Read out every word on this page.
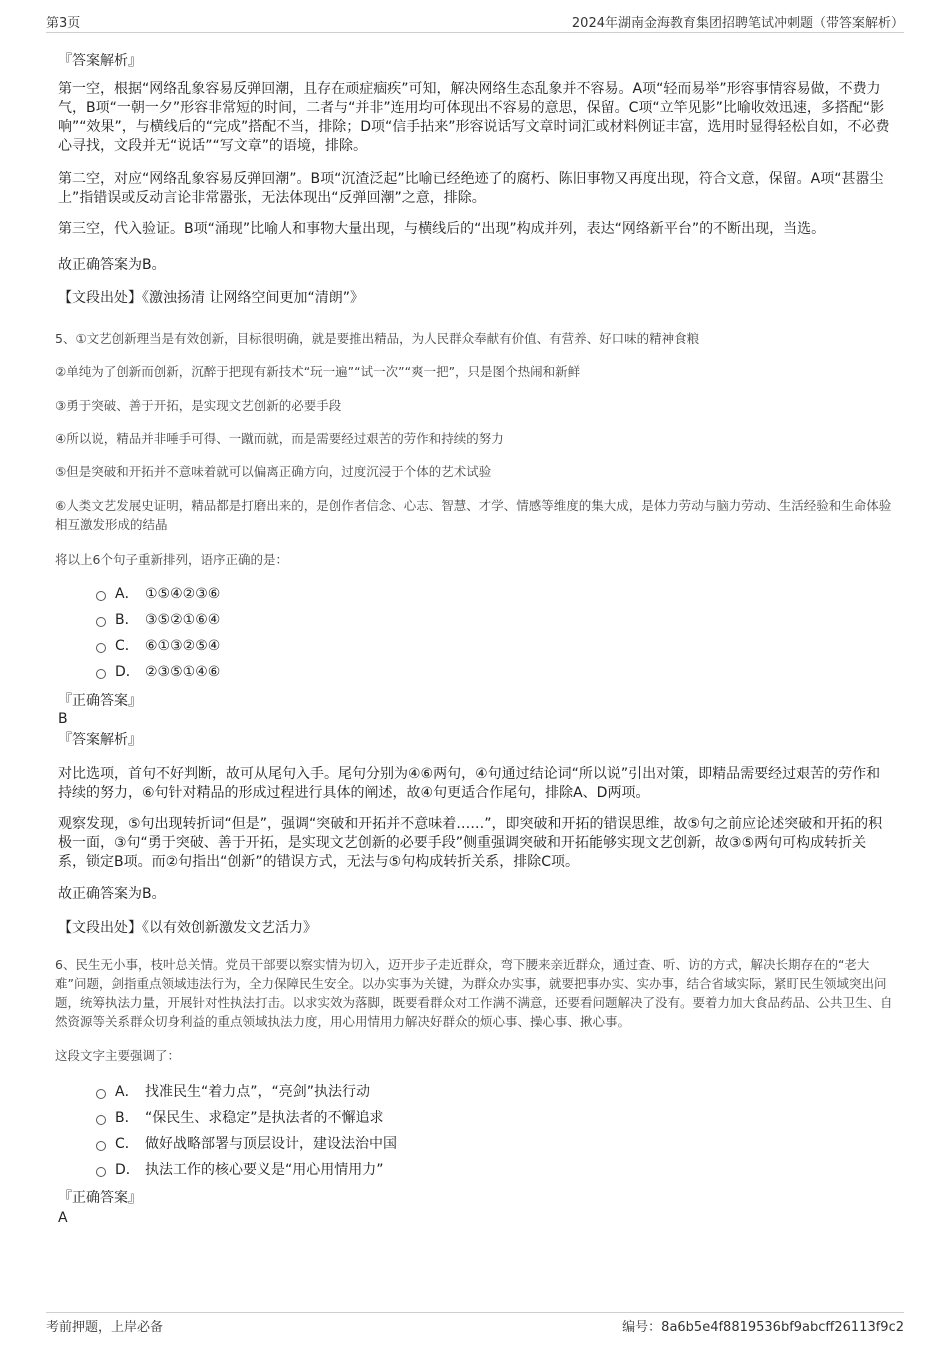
第3页	2024年湖南金海教育集团招聘笔试冲刺题（带答案解析）
『答案解析』

第一空，根据“网络乱象容易反弹回潮，且存在顽症痼疾”可知，解决网络生态乱象并不容易。A项“轻而易举”形容事情容易做，不费力气，B项“一朝一夕”形容非常短的时间，二者与“并非”连用均可体现出不容易的意思，保留。C项“立竿见影”比喻收效迅速，多搭配“影响”“效果”，与横线后的“完成”搭配不当，排除；D项“信手拈来”形容说话写文章时词汇或材料例证丰富，选用时显得轻松自如，不必费心寻找，文段并无“说话”“写文章”的语境，排除。

第二空，对应“网络乱象容易反弹回潮”。B项“沉渣泛起”比喻已经绝迹了的腐朽、陈旧事物又再度出现，符合文意，保留。A项“甚嚣尘上”指错误或反动言论非常嚣张，无法体现出“反弹回潮”之意，排除。

第三空，代入验证。B项“涌现”比喻人和事物大量出现，与横线后的“出现”构成并列，表达“网络新平台”的不断出现，当选。

故正确答案为B。

【文段出处】《激浊扬清 让网络空间更加“清朗”》

5、①文艺创新理当是有效创新，目标很明确，就是要推出精品，为人民群众奉献有价值、有营养、好口味的精神食粮

②单纯为了创新而创新，沉醉于把现有新技术“玩一遍”“试一次”“爽一把”，只是图个热闹和新鲜

③勇于突破、善于开拓，是实现文艺创新的必要手段

④所以说，精品并非唾手可得、一蹴而就，而是需要经过艰苦的劳作和持续的努力

⑤但是突破和开拓并不意味着就可以偏离正确方向，过度沉浸于个体的艺术试验

⑥人类文艺发展史证明，精品都是打磨出来的，是创作者信念、心志、智慧、才学、情感等维度的集大成，是体力劳动与脑力劳动、生活经验和生命体验相互激发形成的结晶

将以上6个句子重新排列，语序正确的是：

A． ①⑤④②③⑥
B． ③⑤②①⑥④
C． ⑥①③②⑤④
D． ②③⑤①④⑥
『正确答案』
B
『答案解析』

对比选项，首句不好判断，故可从尾句入手。尾句分别为④⑥两句，④句通过结论词“所以说”引出对策，即精品需要经过艰苦的劳作和持续的努力，⑥句针对精品的形成过程进行具体的阐述，故④句更适合作尾句，排除A、D两项。

观察发现，⑤句出现转折词“但是”，强调“突破和开拓并不意味着……”，即突破和开拓的错误思维，故⑤句之前应论述突破和开拓的积极一面，③句“勇于突破、善于开拓，是实现文艺创新的必要手段”侧重强调突破和开拓能够实现文艺创新，故③⑤两句可构成转折关系，锁定B项。而②句指出“创新”的错误方式，无法与⑤句构成转折关系，排除C项。

故正确答案为B。

【文段出处】《以有效创新激发文艺活力》

6、民生无小事，枝叶总关情。党员干部要以察实情为切入，迈开步子走近群众，弯下腰来亲近群众，通过查、听、访的方式，解决长期存在的“老大难”问题，剑指重点领域违法行为，全力保障民生安全。以办实事为关键，为群众办实事，就要把事办实、实办事，结合省域实际，紧盯民生领域突出问题，统筹执法力量，开展针对性执法打击。以求实效为落脚，既要看群众对工作满不满意，还要看问题解决了没有。要着力加大食品药品、公共卫生、自然资源等关系群众切身利益的重点领域执法力度，用心用情用力解决好群众的烦心事、操心事、揪心事。

这段文字主要强调了：

A． 找准民生“着力点”，“亮剑”执法行动
B． “保民生、求稳定”是执法者的不懈追求
C． 做好战略部署与顶层设计，建设法治中国
D． 执法工作的核心要义是“用心用情用力”
『正确答案』
A
考前押题，上岸必备	编号：8a6b5e4f8819536bf9abcff26113f9c2
